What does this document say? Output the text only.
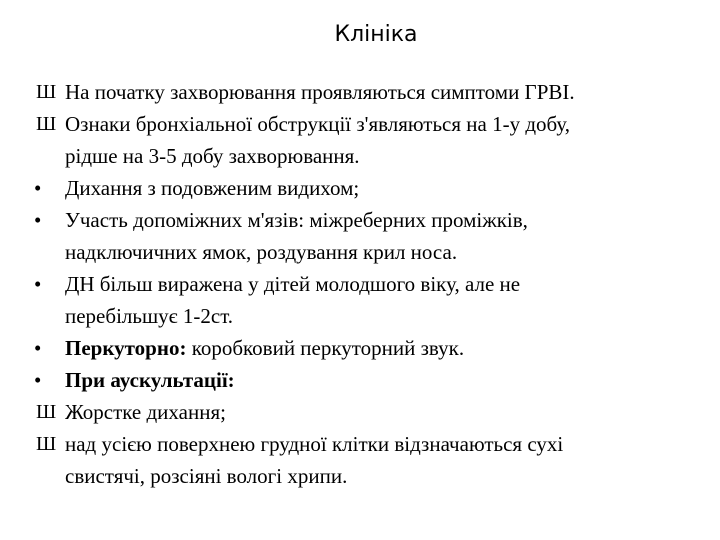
Клініка
Ш На початку захворювання проявляються симптоми ГРВІ.
Ш Ознаки бронхіальної обструкції з'являються на 1-у добу,
рідше на 3-5 добу захворювання.
•	Дихання з подовженим видихом;
•	Участь допоміжних м'язів: міжреберних проміжків,
надключичних ямок, роздування крил носа.
•	ДН більш виражена у дітей молодшого віку, але не
перебільшує 1-2ст.
•	Перкуторно: коробковий перкуторний звук.
•	При аускультації:
Ш Жорстке дихання;
Ш над усією поверхнею грудної клітки відзначаються сухі
свистячі, розсіяні вологі хрипи.
